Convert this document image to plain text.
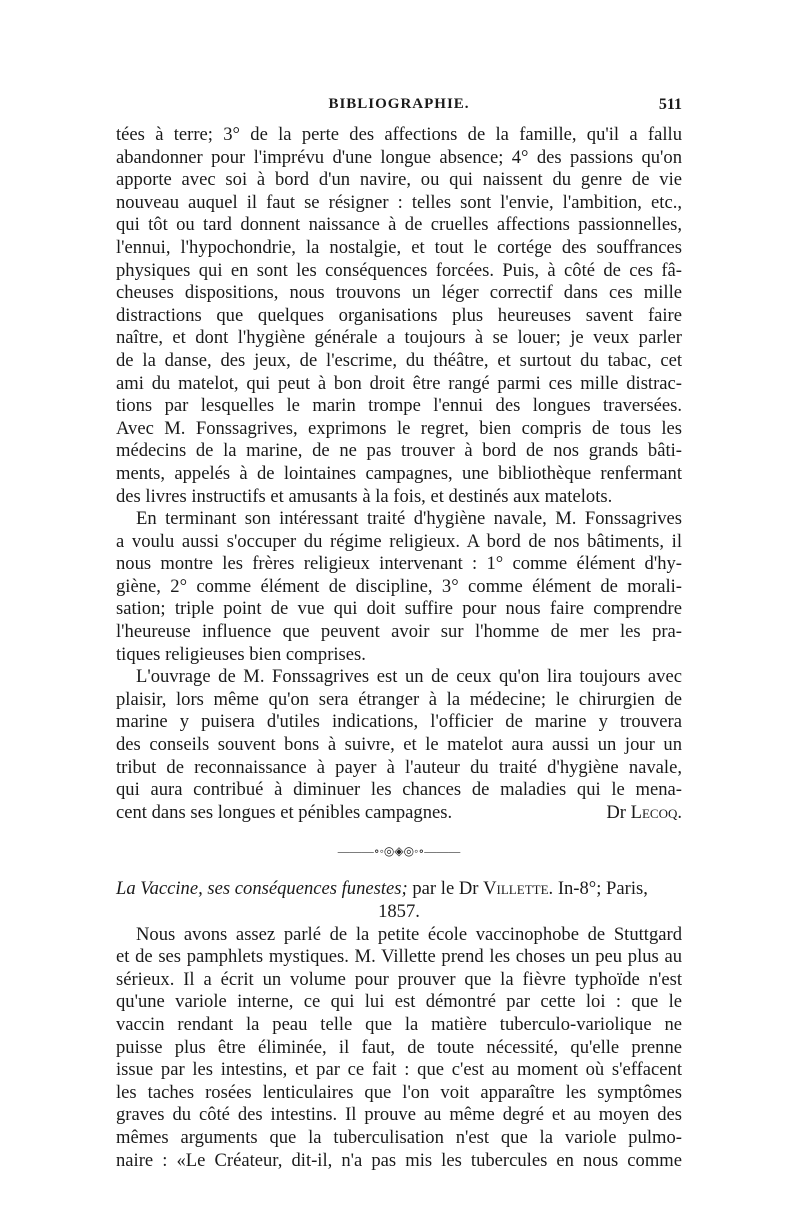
BIBLIOGRAPHIE.	511
tées à terre; 3° de la perte des affections de la famille, qu'il a fallu
abandonner pour l'imprévu d'une longue absence; 4° des passions qu'on
apporte avec soi à bord d'un navire, ou qui naissent du genre de vie
nouveau auquel il faut se résigner : telles sont l'envie, l'ambition, etc.,
qui tôt ou tard donnent naissance à de cruelles affections passionnelles,
l'ennui, l'hypochondrie, la nostalgie, et tout le cortége des souffrances
physiques qui en sont les conséquences forcées. Puis, à côté de ces fâ-
cheuses dispositions, nous trouvons un léger correctif dans ces mille
distractions que quelques organisations plus heureuses savent faire
naître, et dont l'hygiène générale a toujours à se louer; je veux parler
de la danse, des jeux, de l'escrime, du théâtre, et surtout du tabac, cet
ami du matelot, qui peut à bon droit être rangé parmi ces mille distrac-
tions par lesquelles le marin trompe l'ennui des longues traversées.
Avec M. Fonssagrives, exprimons le regret, bien compris de tous les
médecins de la marine, de ne pas trouver à bord de nos grands bâti-
ments, appelés à de lointaines campagnes, une bibliothèque renfermant
des livres instructifs et amusants à la fois, et destinés aux matelots.
En terminant son intéressant traité d'hygiène navale, M. Fonssagrives
a voulu aussi s'occuper du régime religieux. A bord de nos bâtiments, il
nous montre les frères religieux intervenant : 1° comme élément d'hy-
giène, 2° comme élément de discipline, 3° comme élément de morali-
sation; triple point de vue qui doit suffire pour nous faire comprendre
l'heureuse influence que peuvent avoir sur l'homme de mer les pra-
tiques religieuses bien comprises.
L'ouvrage de M. Fonssagrives est un de ceux qu'on lira toujours avec
plaisir, lors même qu'on sera étranger à la médecine; le chirurgien de
marine y puisera d'utiles indications, l'officier de marine y trouvera
des conseils souvent bons à suivre, et le matelot aura aussi un jour un
tribut de reconnaissance à payer à l'auteur du traité d'hygiène navale,
qui aura contribué à diminuer les chances de maladies qui le mena-
cent dans ses longues et pénibles campagnes.	Dr Lecoq.
———∘◦◎◈◎◦∘———
La Vaccine, ses conséquences funestes; par le Dr Villette. In-8°; Paris,
1857.
Nous avons assez parlé de la petite école vaccinophobe de Stuttgard
et de ses pamphlets mystiques. M. Villette prend les choses un peu plus au
sérieux. Il a écrit un volume pour prouver que la fièvre typhoïde n'est
qu'une variole interne, ce qui lui est démontré par cette loi : que le
vaccin rendant la peau telle que la matière tuberculo-variolique ne
puisse plus être éliminée, il faut, de toute nécessité, qu'elle prenne
issue par les intestins, et par ce fait : que c'est au moment où s'effacent
les taches rosées lenticulaires que l'on voit apparaître les symptômes
graves du côté des intestins. Il prouve au même degré et au moyen des
mêmes arguments que la tuberculisation n'est que la variole pulmo-
naire : «Le Créateur, dit-il, n'a pas mis les tubercules en nous comme
